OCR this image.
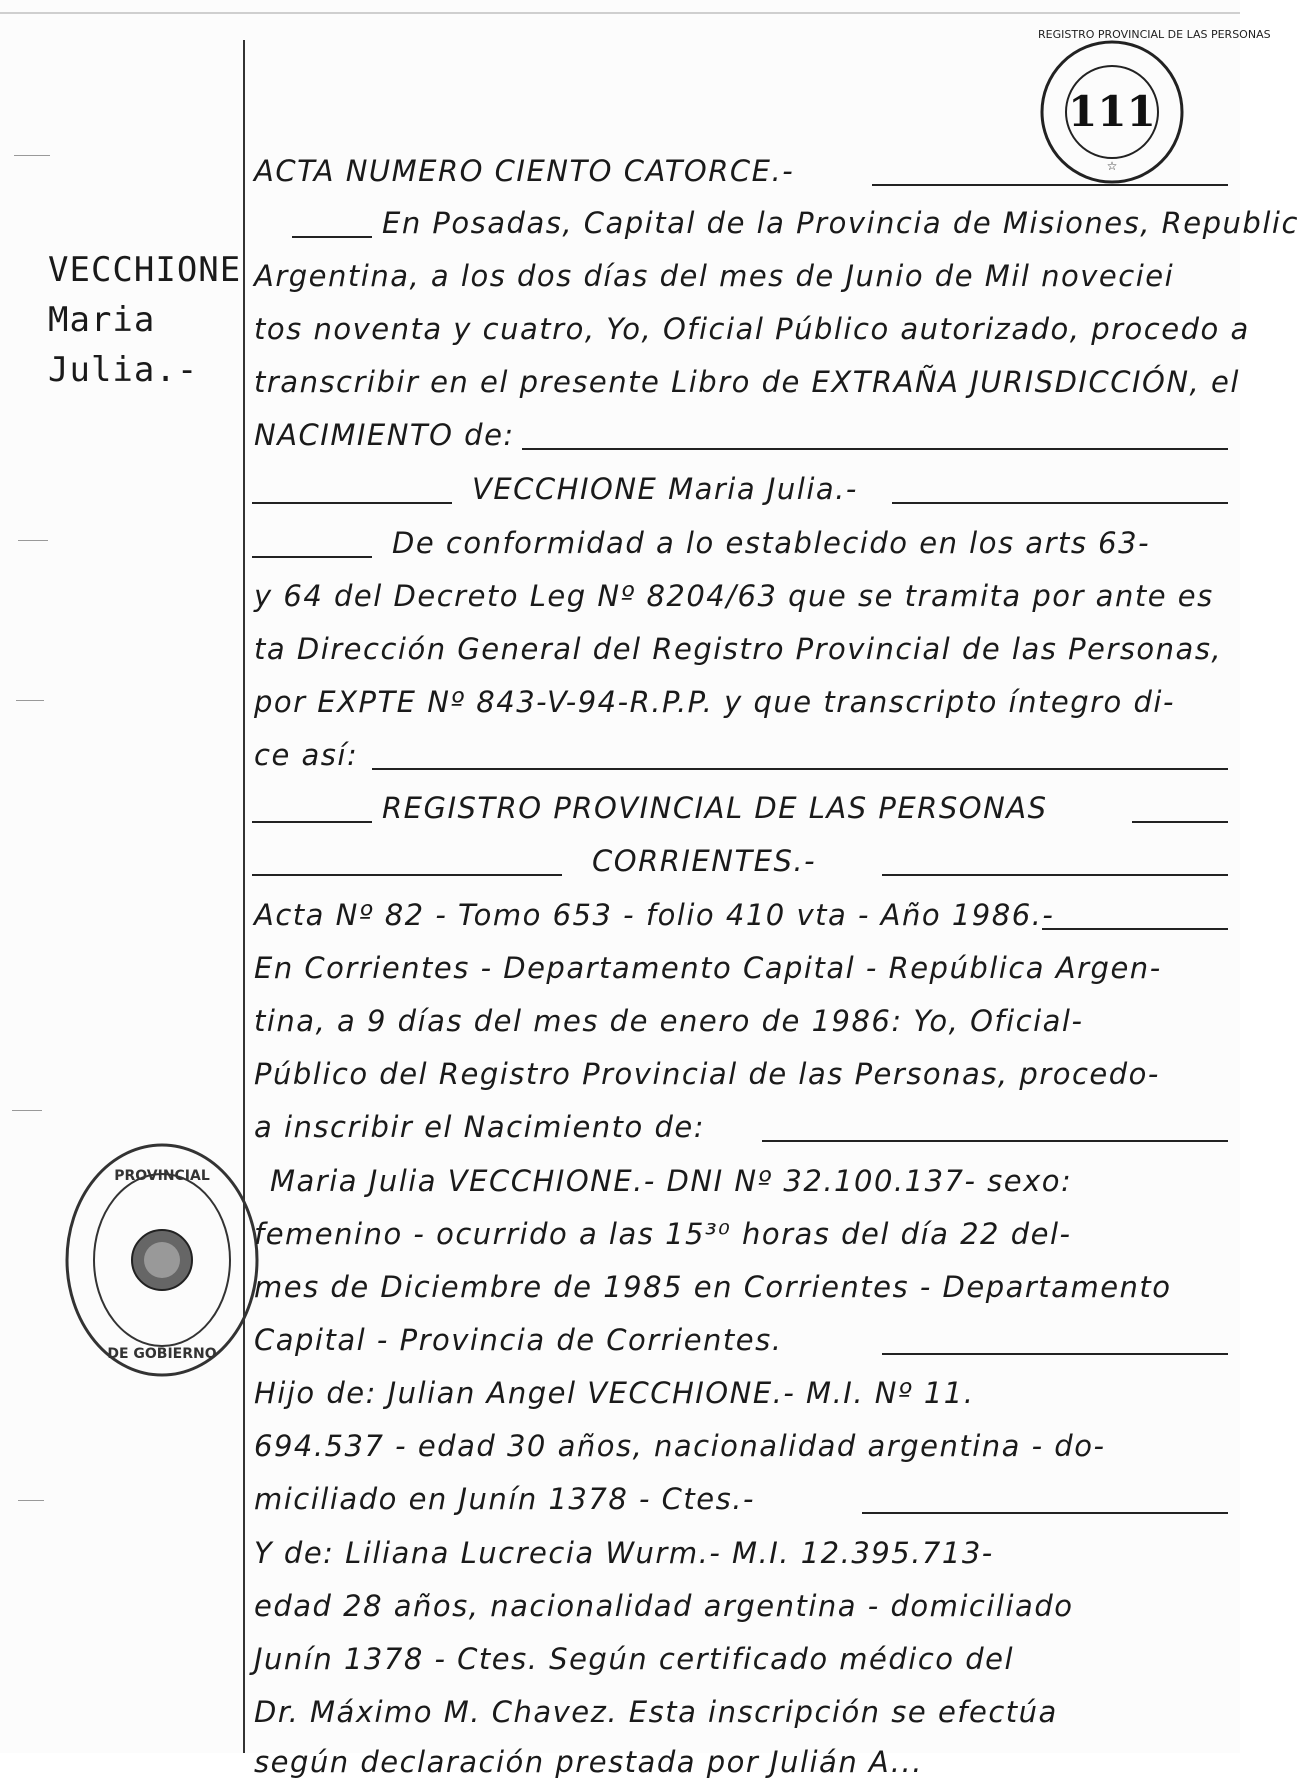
VECCHIONE
Maria
Julia.-
REGISTRO PROVINCIAL DE LAS PERSONAS
111
☆
PROVINCIAL
DE GOBIERNO
ACTA NUMERO CIENTO CATORCE.-
En Posadas, Capital de la Provincia de Misiones, Republic
Argentina, a los dos días del mes de Junio de Mil noveciei
tos noventa y cuatro, Yo, Oficial Público autorizado, procedo a
transcribir en el presente Libro de EXTRAÑA JURISDICCIÓN, el
NACIMIENTO de:
VECCHIONE Maria Julia.-
De conformidad a lo establecido en los arts 63-
y 64 del Decreto Leg Nº 8204/63 que se tramita por ante es
ta Dirección General del Registro Provincial de las Personas,
por EXPTE Nº 843-V-94-R.P.P. y que transcripto íntegro di-
ce así:
REGISTRO PROVINCIAL DE LAS PERSONAS
CORRIENTES.-
Acta Nº 82 - Tomo 653 - folio 410 vta - Año 1986.-
En Corrientes - Departamento Capital - República Argen-
tina, a 9 días del mes de enero de 1986: Yo, Oficial-
Público del Registro Provincial de las Personas, procedo-
a inscribir el Nacimiento de:
Maria Julia VECCHIONE.- DNI Nº 32.100.137- sexo:
femenino - ocurrido a las 15³⁰ horas del día 22 del-
mes de Diciembre de 1985 en Corrientes - Departamento
Capital - Provincia de Corrientes.
Hijo de: Julian Angel VECCHIONE.- M.I. Nº 11.
694.537 - edad 30 años, nacionalidad argentina - do-
miciliado en Junín 1378 - Ctes.-
Y de: Liliana Lucrecia Wurm.- M.I. 12.395.713-
edad 28 años, nacionalidad argentina - domiciliado
Junín 1378 - Ctes. Según certificado médico del
Dr. Máximo M. Chavez. Esta inscripción se efectúa
según declaración prestada por Julián A...
